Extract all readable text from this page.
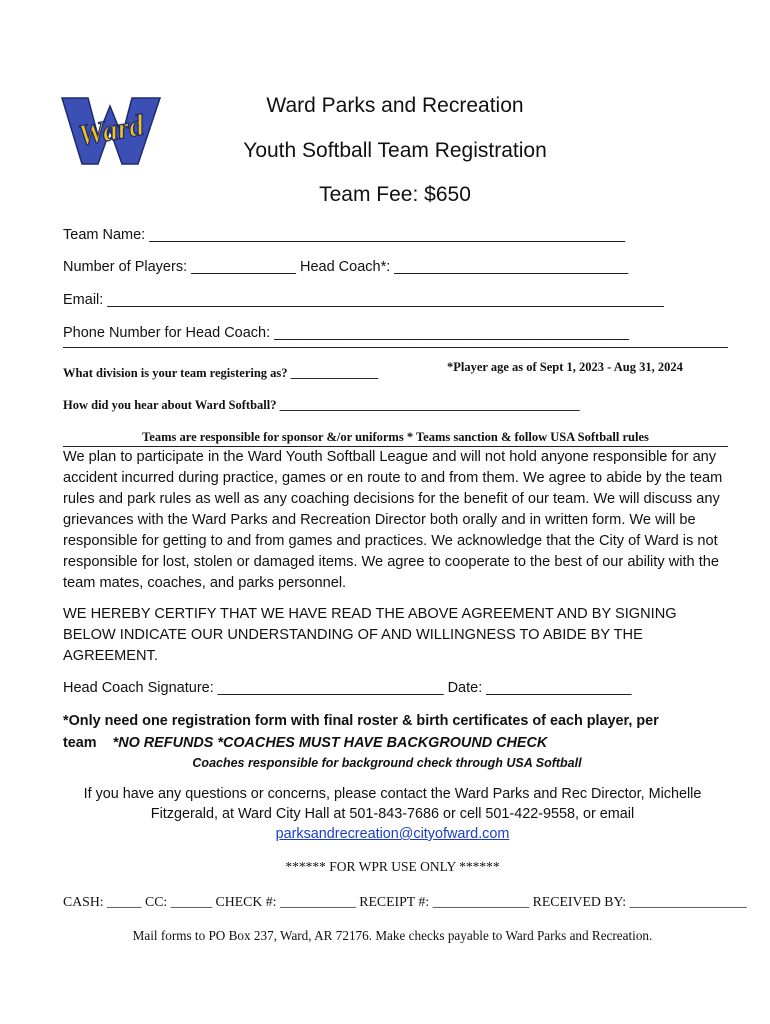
Ward
Ward Parks and Recreation
Youth Softball Team Registration
Team Fee: $650
Team Name: ___________________________________________________________
Number of Players: _____________ Head Coach*: _____________________________
Email: _____________________________________________________________________
Phone Number for Head Coach: ____________________________________________
What division is your team registering as? ______________	*Player age as of Sept 1, 2023 - Aug 31, 2024
How did you hear about Ward Softball? ________________________________________________
Teams are responsible for sponsor &/or uniforms * Teams sanction & follow USA Softball rules
We plan to participate in the Ward Youth Softball League and will not hold anyone responsible for any accident incurred during practice, games or en route to and from them. We agree to abide by the team rules and park rules as well as any coaching decisions for the benefit of our team. We will discuss any grievances with the Ward Parks and Recreation Director both orally and in written form. We will be responsible for getting to and from games and practices. We acknowledge that the City of Ward is not responsible for lost, stolen or damaged items. We agree to cooperate to the best of our ability with the team mates, coaches, and parks personnel.
WE HEREBY CERTIFY THAT WE HAVE READ THE ABOVE AGREEMENT AND BY SIGNING BELOW INDICATE OUR UNDERSTANDING OF AND WILLINGNESS TO ABIDE BY THE AGREEMENT.
Head Coach Signature: ____________________________ Date: __________________
*Only need one registration form with final roster & birth certificates of each player, per
team *NO REFUNDS *COACHES MUST HAVE BACKGROUND CHECK
Coaches responsible for background check through USA Softball
If you have any questions or concerns, please contact the Ward Parks and Rec Director, Michelle
Fitzgerald, at Ward City Hall at 501-843-7686 or cell 501-422-9558, or email
parksandrecreation@cityofward.com
****** FOR WPR USE ONLY ******
CASH: _____ CC: ______ CHECK #: ___________ RECEIPT #: ______________ RECEIVED BY: _________________
Mail forms to PO Box 237, Ward, AR 72176. Make checks payable to Ward Parks and Recreation.
